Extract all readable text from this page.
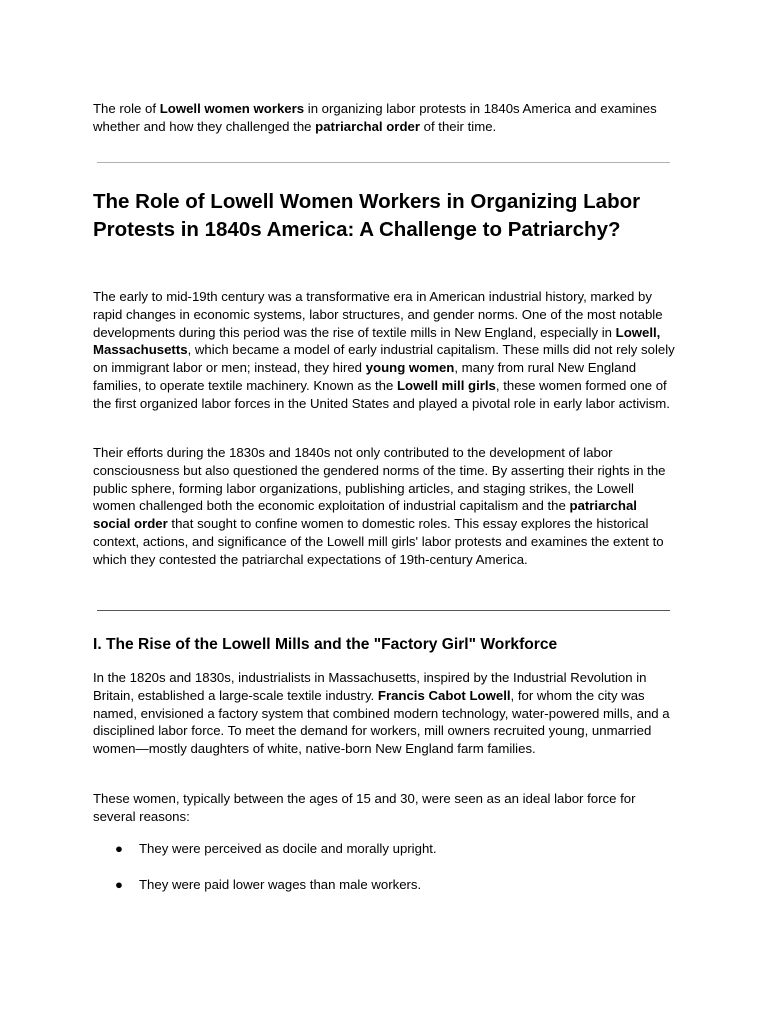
The role of Lowell women workers in organizing labor protests in 1840s America and examines whether and how they challenged the patriarchal order of their time.

The Role of Lowell Women Workers in Organizing Labor Protests in 1840s America: A Challenge to Patriarchy?

The early to mid-19th century was a transformative era in American industrial history, marked by rapid changes in economic systems, labor structures, and gender norms. One of the most notable developments during this period was the rise of textile mills in New England, especially in Lowell, Massachusetts, which became a model of early industrial capitalism. These mills did not rely solely on immigrant labor or men; instead, they hired young women, many from rural New England families, to operate textile machinery. Known as the Lowell mill girls, these women formed one of the first organized labor forces in the United States and played a pivotal role in early labor activism.

Their efforts during the 1830s and 1840s not only contributed to the development of labor consciousness but also questioned the gendered norms of the time. By asserting their rights in the public sphere, forming labor organizations, publishing articles, and staging strikes, the Lowell women challenged both the economic exploitation of industrial capitalism and the patriarchal social order that sought to confine women to domestic roles. This essay explores the historical context, actions, and significance of the Lowell mill girls' labor protests and examines the extent to which they contested the patriarchal expectations of 19th-century America.

I. The Rise of the Lowell Mills and the "Factory Girl" Workforce

In the 1820s and 1830s, industrialists in Massachusetts, inspired by the Industrial Revolution in Britain, established a large-scale textile industry. Francis Cabot Lowell, for whom the city was named, envisioned a factory system that combined modern technology, water-powered mills, and a disciplined labor force. To meet the demand for workers, mill owners recruited young, unmarried women—mostly daughters of white, native-born New England farm families.

These women, typically between the ages of 15 and 30, were seen as an ideal labor force for several reasons:

● They were perceived as docile and morally upright.
● They were paid lower wages than male workers.
